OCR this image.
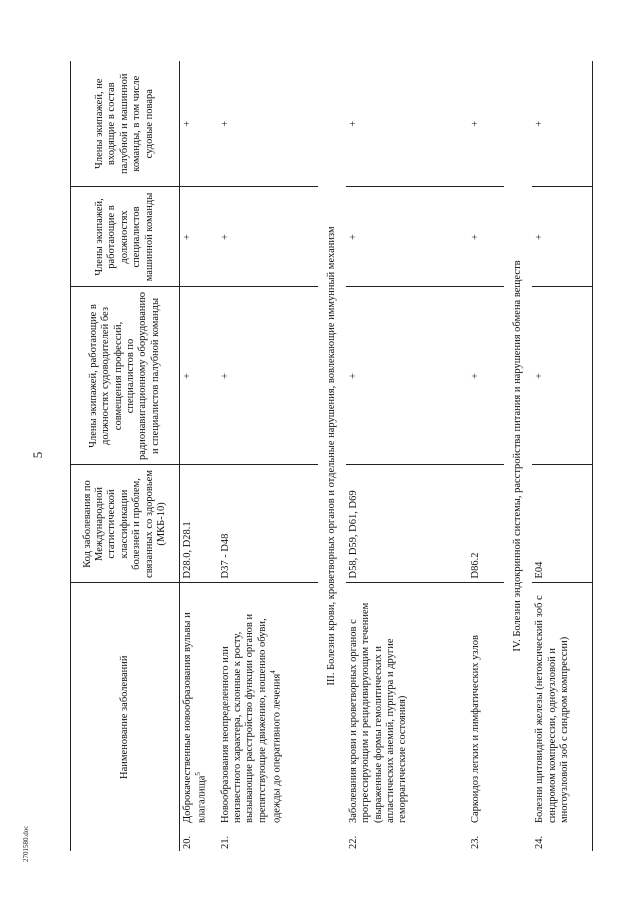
5
2701580.doc
Наименование заболеваний		Код заболевания по Международной статистической классификации болезней и проблем, связанных со здоровьем (МКБ-10)	Члены экипажей, работающие в должностях судоводителей без совмещения профессий, специалистов по радионавигационному оборудованию и специалистов палубной команды	Члены экипажей, работающие в должностях специалистов машинной команды	Члены экипажей, не входящие в состав палубной и машинной команды, в том числе судовые повара
20.	Доброкачественные новообразования вульвы и влагалища$^5$	D28.0, D28.1	+	+	+
21.	Новообразования неопределенного или неизвестного характера, склонные к росту, вызывающие расстройство функции органов и препятствующие движению, ношению обуви, одежды до оперативного лечения$^4$	D37 - D48	+	+	+
III. Болезни крови, кроветворных органов и отдельные нарушения, вовлекающие иммунный механизм					
22.	Заболевания крови и кроветворных органов с прогрессирующим и рецидивирующим течением (выраженные формы гемолитических и апластических анемий, пурпура и другие геморрагические состояния)	D58, D59, D61, D69	+	+	+
23.	Саркоидоз легких и лимфатических узлов	D86.2	+	+	+
IV. Болезни эндокринной системы, расстройства питания и нарушения обмена веществ					
24.	Болезни щитовидной железы (нетоксический зоб с синдромом компрессии, одноузловой и многоузловой зоб с синдром компрессии)	E04	+	+	+
